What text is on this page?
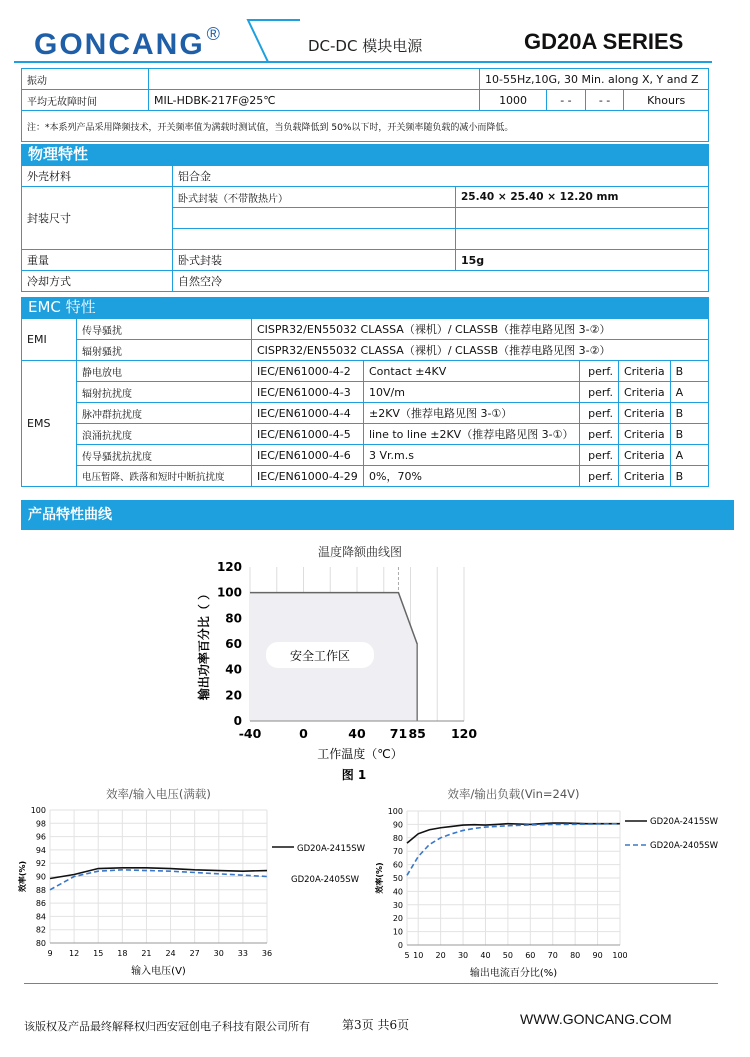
GONCANG ®
DC-DC 模块电源	GD20A SERIES
振动		10-55Hz,10G, 30 Min. along X, Y and Z			
平均无故障时间	MIL-HDBK-217F@25℃	1000	- -	- -	Khours
注：*本系列产品采用降频技术，开关频率值为满载时测试值，当负载降低到 50%以下时，开关频率随负载的减小而降低。					
物理特性
外壳材料	铝合金	
封装尺寸	卧式封装（不带散热片）	25.40 × 25.40 × 12.20 mm

重量	卧式封装	15g
冷却方式	自然空冷	
EMC 特性
EMI	传导骚扰	CISPR32/EN55032 CLASSA（裸机）/ CLASSB（推荐电路见图 3-②）				
	辐射骚扰	CISPR32/EN55032 CLASSA（裸机）/ CLASSB（推荐电路见图 3-②）				
EMS	静电放电	IEC/EN61000-4-2	Contact ±4KV	perf.	Criteria	B
	辐射抗扰度	IEC/EN61000-4-3	10V/m	perf.	Criteria	A
	脉冲群抗扰度	IEC/EN61000-4-4	±2KV（推荐电路见图 3-①）	perf.	Criteria	B
	浪涌抗扰度	IEC/EN61000-4-5	line to line ±2KV（推荐电路见图 3-①）	perf.	Criteria	B
	传导骚扰抗扰度	IEC/EN61000-4-6	3 Vr.m.s	perf.	Criteria	A
	电压暂降、跌落和短时中断抗扰度	IEC/EN61000-4-29	0%，70%	perf.	Criteria	B
产品特性曲线
温度降额曲线图
0
20
40
60
80
100
120
-40	0	40 71 85 120
安全工作区
输出功率百分比（ ）
工作温度（℃）
图 1
效率/输入电压(满载)
80
82
84
86
88
90
92
94
96
98
100
9 12 15 18 21 24 27 30 33 36
效率(%)
输入电压(V)
GD20A-2415SW
GD20A-2405SW
效率/输出负载(Vin=24V)
0
10
20
30
40
50
60
70
80
90
100
5 10 20 30 40 50 60 70 80 90 100
效率(%)
输出电流百分比(%)
GD20A-2415SW
GD20A-2405SW
该版权及产品最终解释权归西安冠创电子科技有限公司所有	第3页 共6页	WWW.GONCANG.COM
